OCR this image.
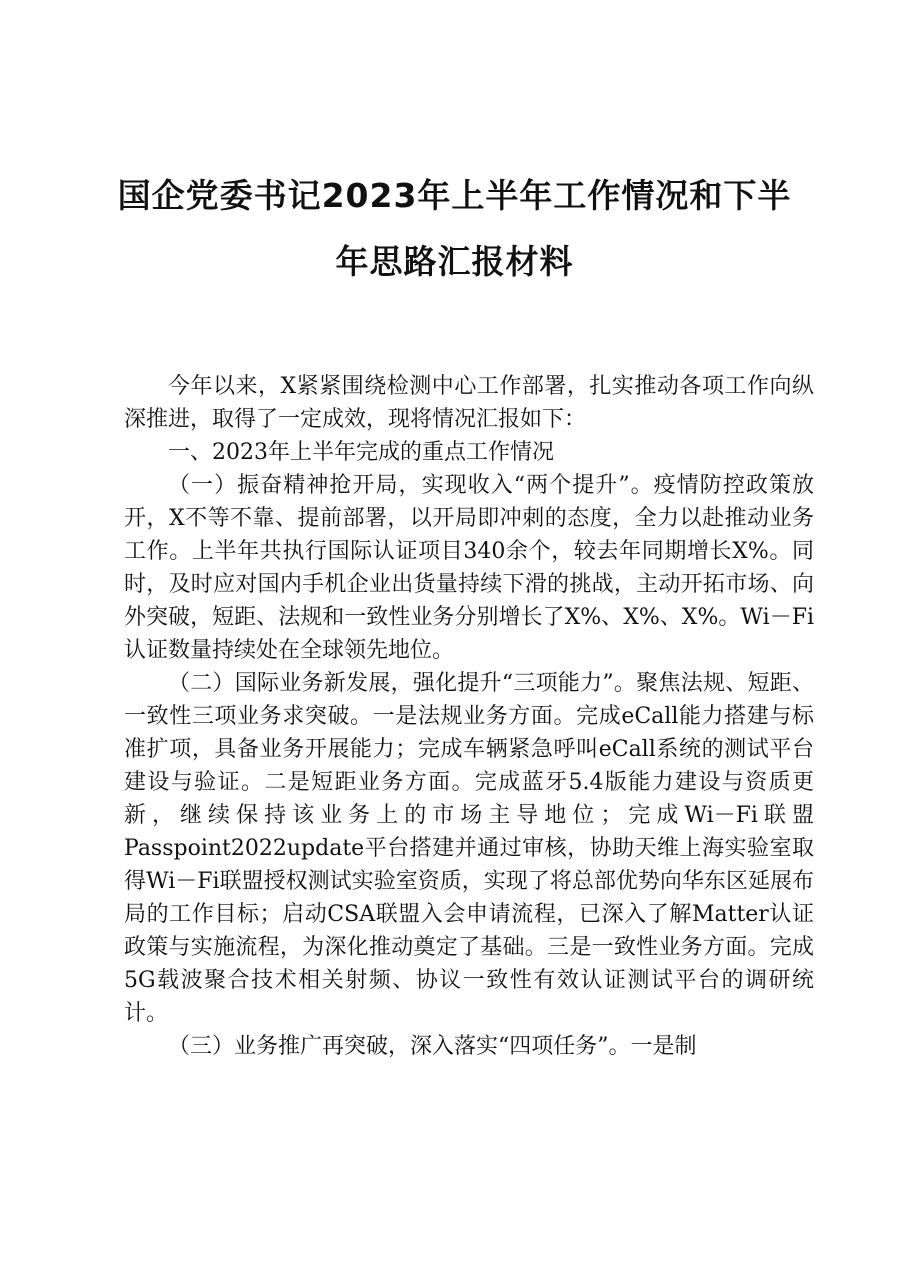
国企党委书记2023年上半年工作情况和下半
年思路汇报材料

今年以来，X紧紧围绕检测中心工作部署，扎实推动各项工作向纵深推进，取得了一定成效，现将情况汇报如下：

一、2023年上半年完成的重点工作情况

（一）振奋精神抢开局，实现收入“两个提升”。疫情防控政策放开，X不等不靠、提前部署，以开局即冲刺的态度，全力以赴推动业务工作。上半年共执行国际认证项目340余个，较去年同期增长X%。同时，及时应对国内手机企业出货量持续下滑的挑战，主动开拓市场、向外突破，短距、法规和一致性业务分别增长了X%、X%、X%。Wi－Fi认证数量持续处在全球领先地位。

（二）国际业务新发展，强化提升“三项能力”。聚焦法规、短距、一致性三项业务求突破。一是法规业务方面。完成eCall能力搭建与标准扩项，具备业务开展能力；完成车辆紧急呼叫eCall系统的测试平台建设与验证。二是短距业务方面。完成蓝牙5.4版能力建设与资质更新，继续保持该业务上的市场主导地位；完成Wi－Fi联盟Passpoint2022update平台搭建并通过审核，协助天维上海实验室取得Wi－Fi联盟授权测试实验室资质，实现了将总部优势向华东区延展布局的工作目标；启动CSA联盟入会申请流程，已深入了解Matter认证政策与实施流程，为深化推动奠定了基础。三是一致性业务方面。完成5G载波聚合技术相关射频、协议一致性有效认证测试平台的调研统计。

（三）业务推广再突破，深入落实“四项任务”。一是制
